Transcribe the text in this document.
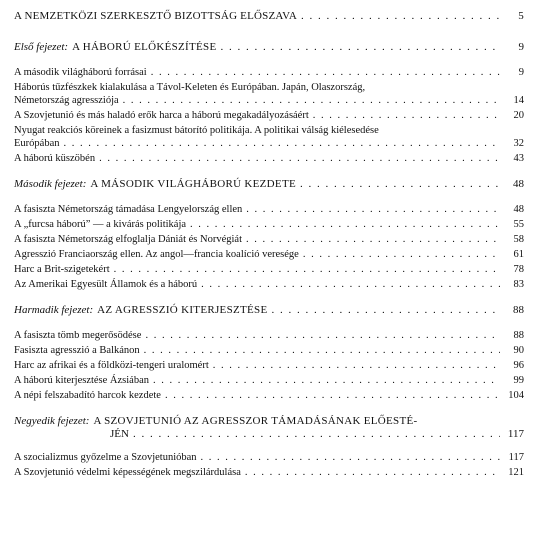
A NEMZETKÖZI SZERKESZTŐ BIZOTTSÁG ELŐSZAVA . . .	5
Első fejezet: A HÁBORÚ ELŐKÉSZÍTÉSE . . .	9
A második világháború forrásai . . .	9
Háborús tűzfészkek kialakulása a Távol-Keleten és Európában. Japán, Olaszország,
Németország agressziója . . .	14
A Szovjetunió és más haladó erők harca a háború megakadályozásáért . . .	20
Nyugat reakciós köreinek a fasizmust bátorító politikája. A politikai válság kiélesedése
Európában . . .	32
A háború küszöbén . . .	43
Második fejezet: A MÁSODIK VILÁGHÁBORÚ KEZDETE . . .	48
A fasiszta Németország támadása Lengyelország ellen . . .	48
A „furcsa háború” — a kivárás politikája . . .	55
A fasiszta Németország elfoglalja Dániát és Norvégiát . . .	58
Agresszió Franciaország ellen. Az angol—francia koalíció veresége . . .	61
Harc a Brit-szigetekért . . .	78
Az Amerikai Egyesült Államok és a háború . . .	83
Harmadik fejezet: AZ AGRESSZIÓ KITERJESZTÉSE . . .	88
A fasiszta tömb megerősödése . . .	88
Fasiszta agresszió a Balkánon . . .	90
Harc az afrikai és a földközi-tengeri uralomért . . .	96
A háború kiterjesztése Ázsiában . . .	99
A népi felszabadító harcok kezdete . . .	104
Negyedik fejezet: A SZOVJETUNIÓ AZ AGRESSZOR TÁMADÁSÁNAK ELŐESTÉ-
JÉN . . .	117
A szocializmus győzelme a Szovjetunióban . . .	117
A Szovjetunió védelmi képességének megszilárdulása . . .	121
